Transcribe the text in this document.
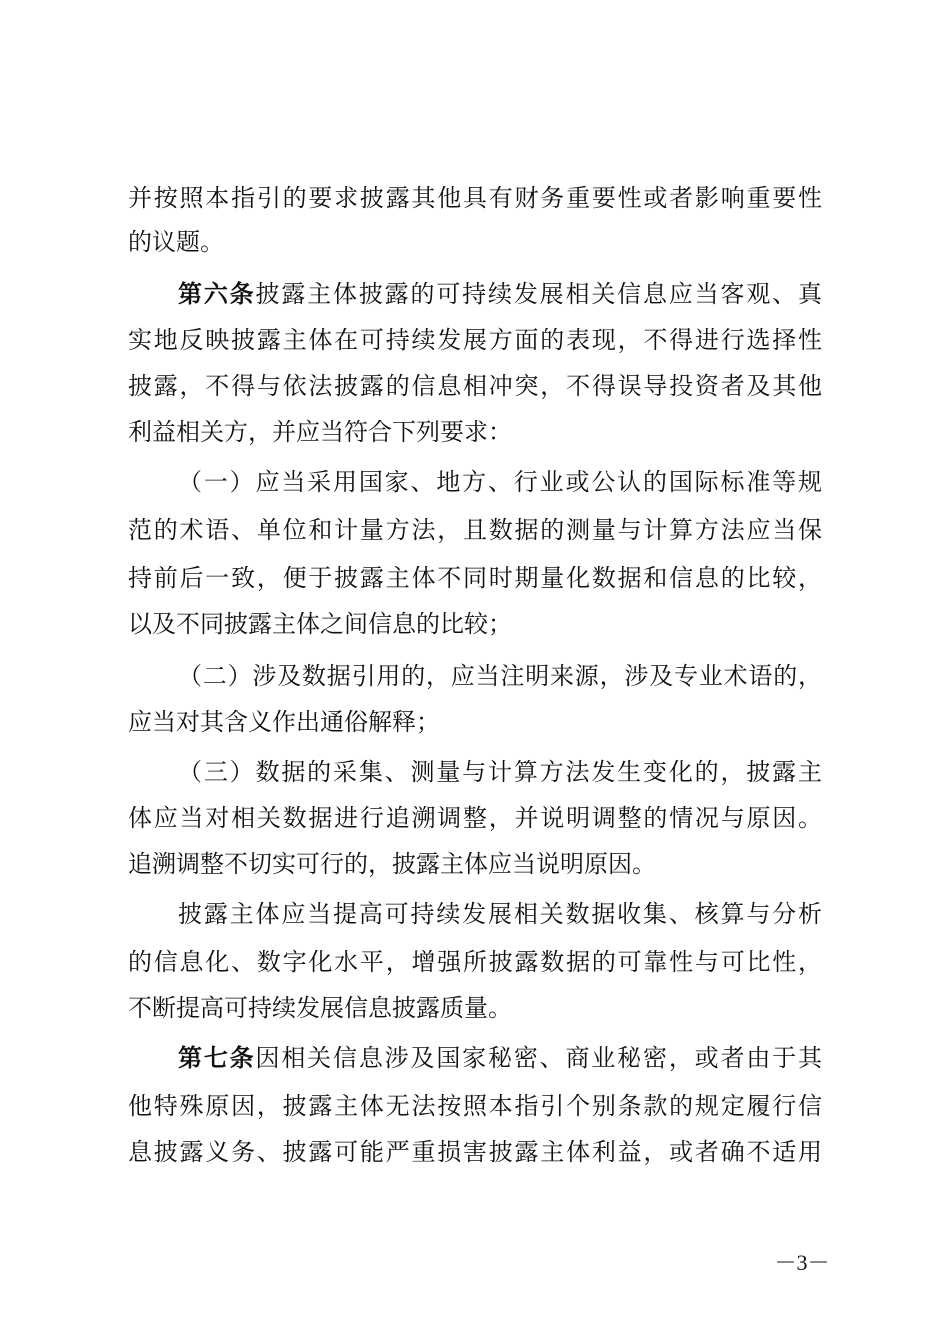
并按照本指引的要求披露其他具有财务重要性或者影响重要性
的议题。
第六条披露主体披露的可持续发展相关信息应当客观、真
实地反映披露主体在可持续发展方面的表现，不得进行选择性
披露，不得与依法披露的信息相冲突，不得误导投资者及其他
利益相关方，并应当符合下列要求：
（一）应当采用国家、地方、行业或公认的国际标准等规
范的术语、单位和计量方法，且数据的测量与计算方法应当保
持前后一致，便于披露主体不同时期量化数据和信息的比较，
以及不同披露主体之间信息的比较；
（二）涉及数据引用的，应当注明来源，涉及专业术语的，
应当对其含义作出通俗解释；
（三）数据的采集、测量与计算方法发生变化的，披露主
体应当对相关数据进行追溯调整，并说明调整的情况与原因。
追溯调整不切实可行的，披露主体应当说明原因。
披露主体应当提高可持续发展相关数据收集、核算与分析
的信息化、数字化水平，增强所披露数据的可靠性与可比性，
不断提高可持续发展信息披露质量。
第七条因相关信息涉及国家秘密、商业秘密，或者由于其
他特殊原因，披露主体无法按照本指引个别条款的规定履行信
息披露义务、披露可能严重损害披露主体利益，或者确不适用
－3－
